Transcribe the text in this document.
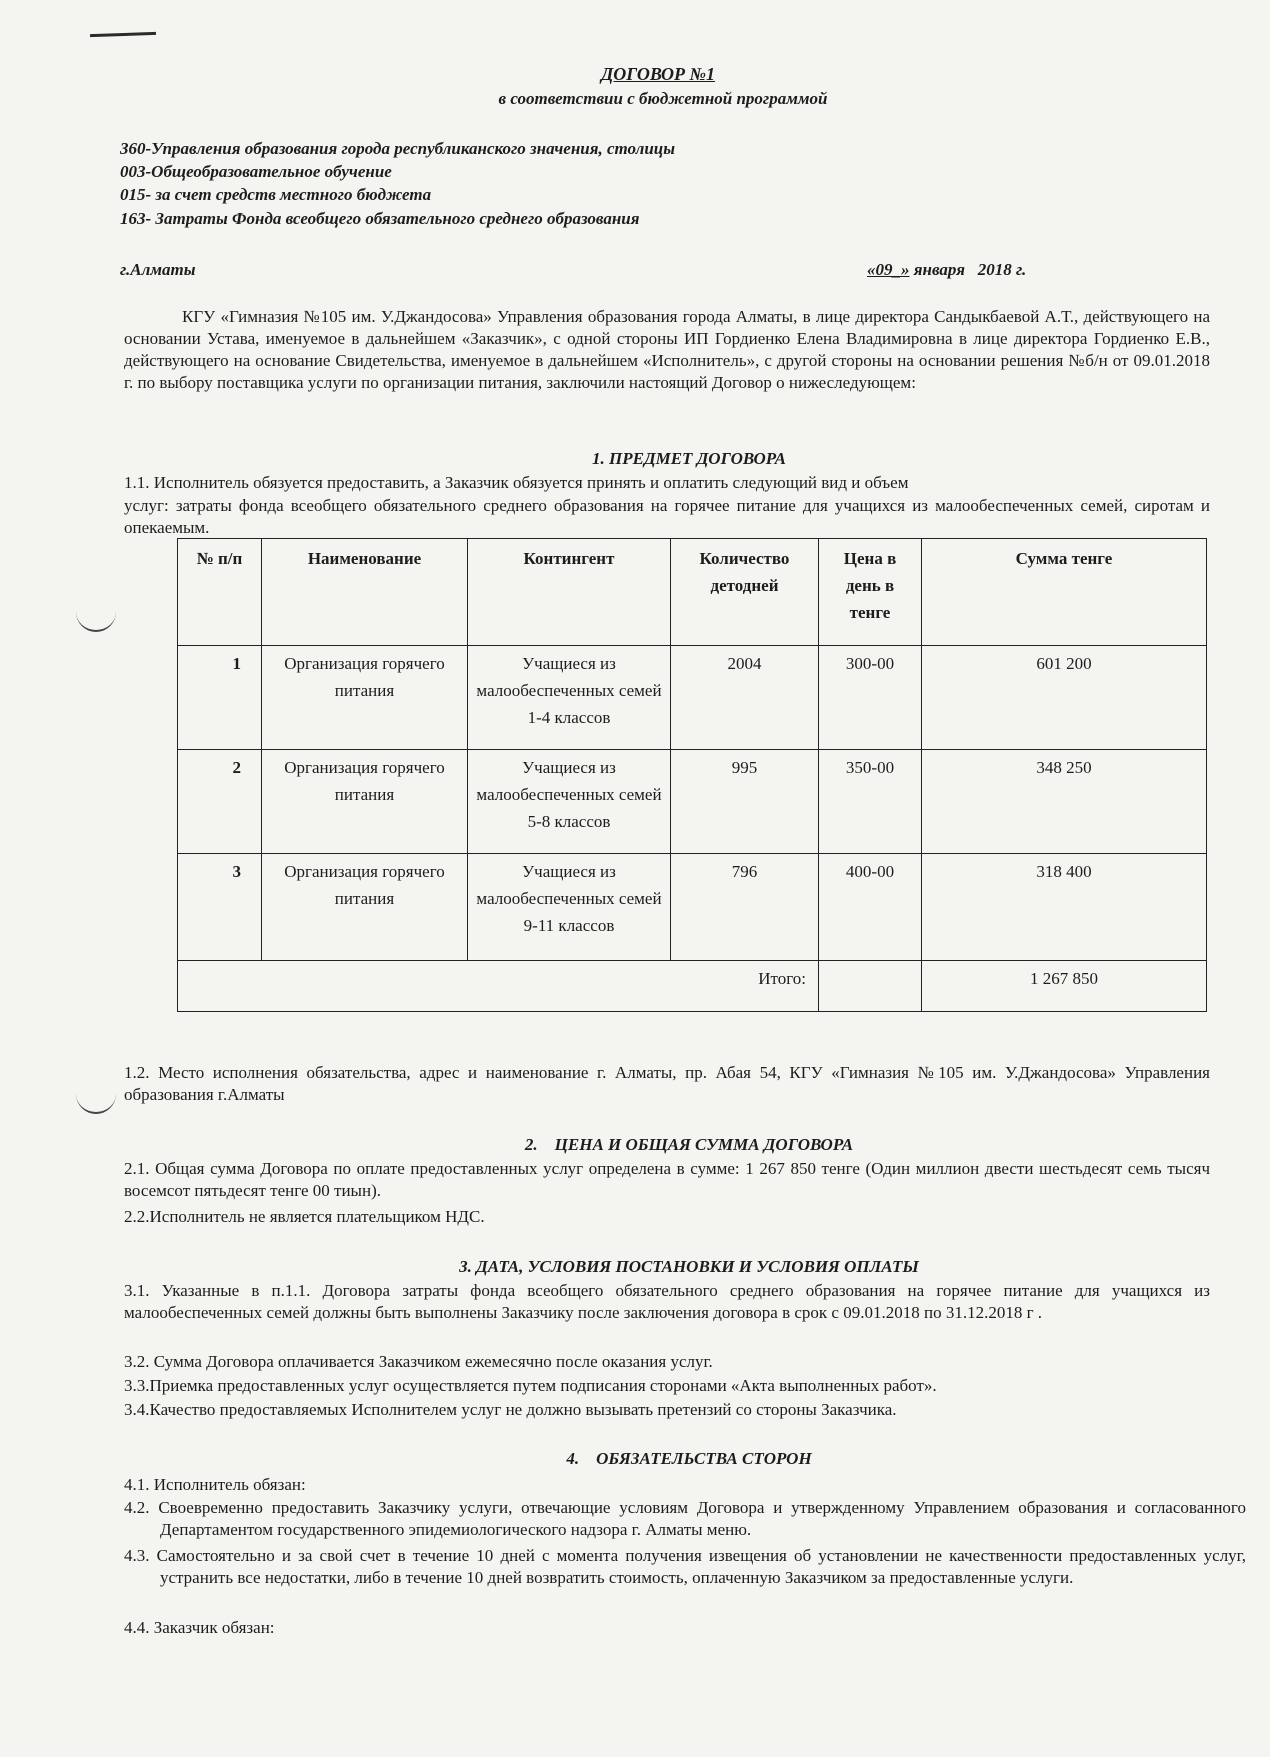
ДОГОВОР №1
в соответствии с бюджетной программой
360-Управления образования города республиканского значения, столицы
003-Общеобразовательное обучение
015- за счет средств местного бюджета
163- Затраты Фонда всеобщего обязательного среднего образования
г.Алматы	«09_» января   2018 г.
КГУ «Гимназия №105 им. У.Джандосова» Управления образования города Алматы, в лице директора Сандыкбаевой А.Т., действующего на основании Устава, именуемое в дальнейшем «Заказчик», с одной стороны ИП Гордиенко Елена Владимировна в лице директора Гордиенко Е.В., действующего на основание Свидетельства, именуемое в дальнейшем «Исполнитель», с другой стороны на основании решения №б/н от 09.01.2018 г. по выбору поставщика услуги по организации питания, заключили настоящий Договор о нижеследующем:
1. ПРЕДМЕТ ДОГОВОРА
1.1. Исполнитель обязуется предоставить, а Заказчик обязуется принять и оплатить следующий вид и объем
услуг: затраты фонда всеобщего обязательного среднего образования на горячее питание для учащихся из малообеспеченных семей, сиротам и опекаемым.
№ п/п	Наименование	Контингент	Количество детодней	Цена в день в тенге	Сумма тенге
1	Организация горячего питания	Учащиеся из малообеспеченных семей 1-4 классов	2004	300-00	601 200
2	Организация горячего питания	Учащиеся из малообеспеченных семей 5-8 классов	995	350-00	348 250
3	Организация горячего питания	Учащиеся из малообеспеченных семей 9-11 классов	796	400-00	318 400
Итого:					1 267 850
1.2. Место исполнения обязательства, адрес и наименование г. Алматы, пр. Абая 54, КГУ «Гимназия №105 им. У.Джандосова» Управления образования г.Алматы
2.    ЦЕНА И ОБЩАЯ СУММА ДОГОВОРА
2.1. Общая сумма Договора по оплате предоставленных услуг определена в сумме: 1 267 850 тенге (Один миллион двести шестьдесят семь тысяч восемсот пятьдесят тенге 00 тиын).
2.2.Исполнитель не является плательщиком НДС.
3. ДАТА, УСЛОВИЯ ПОСТАНОВКИ И УСЛОВИЯ ОПЛАТЫ
3.1. Указанные в п.1.1. Договора затраты фонда всеобщего обязательного среднего образования на горячее питание для учащихся из малообеспеченных семей должны быть выполнены Заказчику после заключения договора в срок с 09.01.2018 по 31.12.2018 г .
3.2. Сумма Договора оплачивается Заказчиком ежемесячно после оказания услуг.
3.3.Приемка предоставленных услуг осуществляется путем подписания сторонами «Акта выполненных работ».
3.4.Качество предоставляемых Исполнителем услуг не должно вызывать претензий со стороны Заказчика.
4.    ОБЯЗАТЕЛЬСТВА СТОРОН
4.1. Исполнитель обязан:
4.2. Своевременно предоставить Заказчику услуги, отвечающие условиям Договора и утвержденному Управлением образования и согласованного Департаментом государственного эпидемиологического надзора г. Алматы меню.
4.3. Самостоятельно и за свой счет в течение 10 дней с момента получения извещения об установлении не качественности предоставленных услуг, устранить все недостатки, либо в течение 10 дней возвратить стоимость, оплаченную Заказчиком за предоставленные услуги.
4.4. Заказчик обязан:
